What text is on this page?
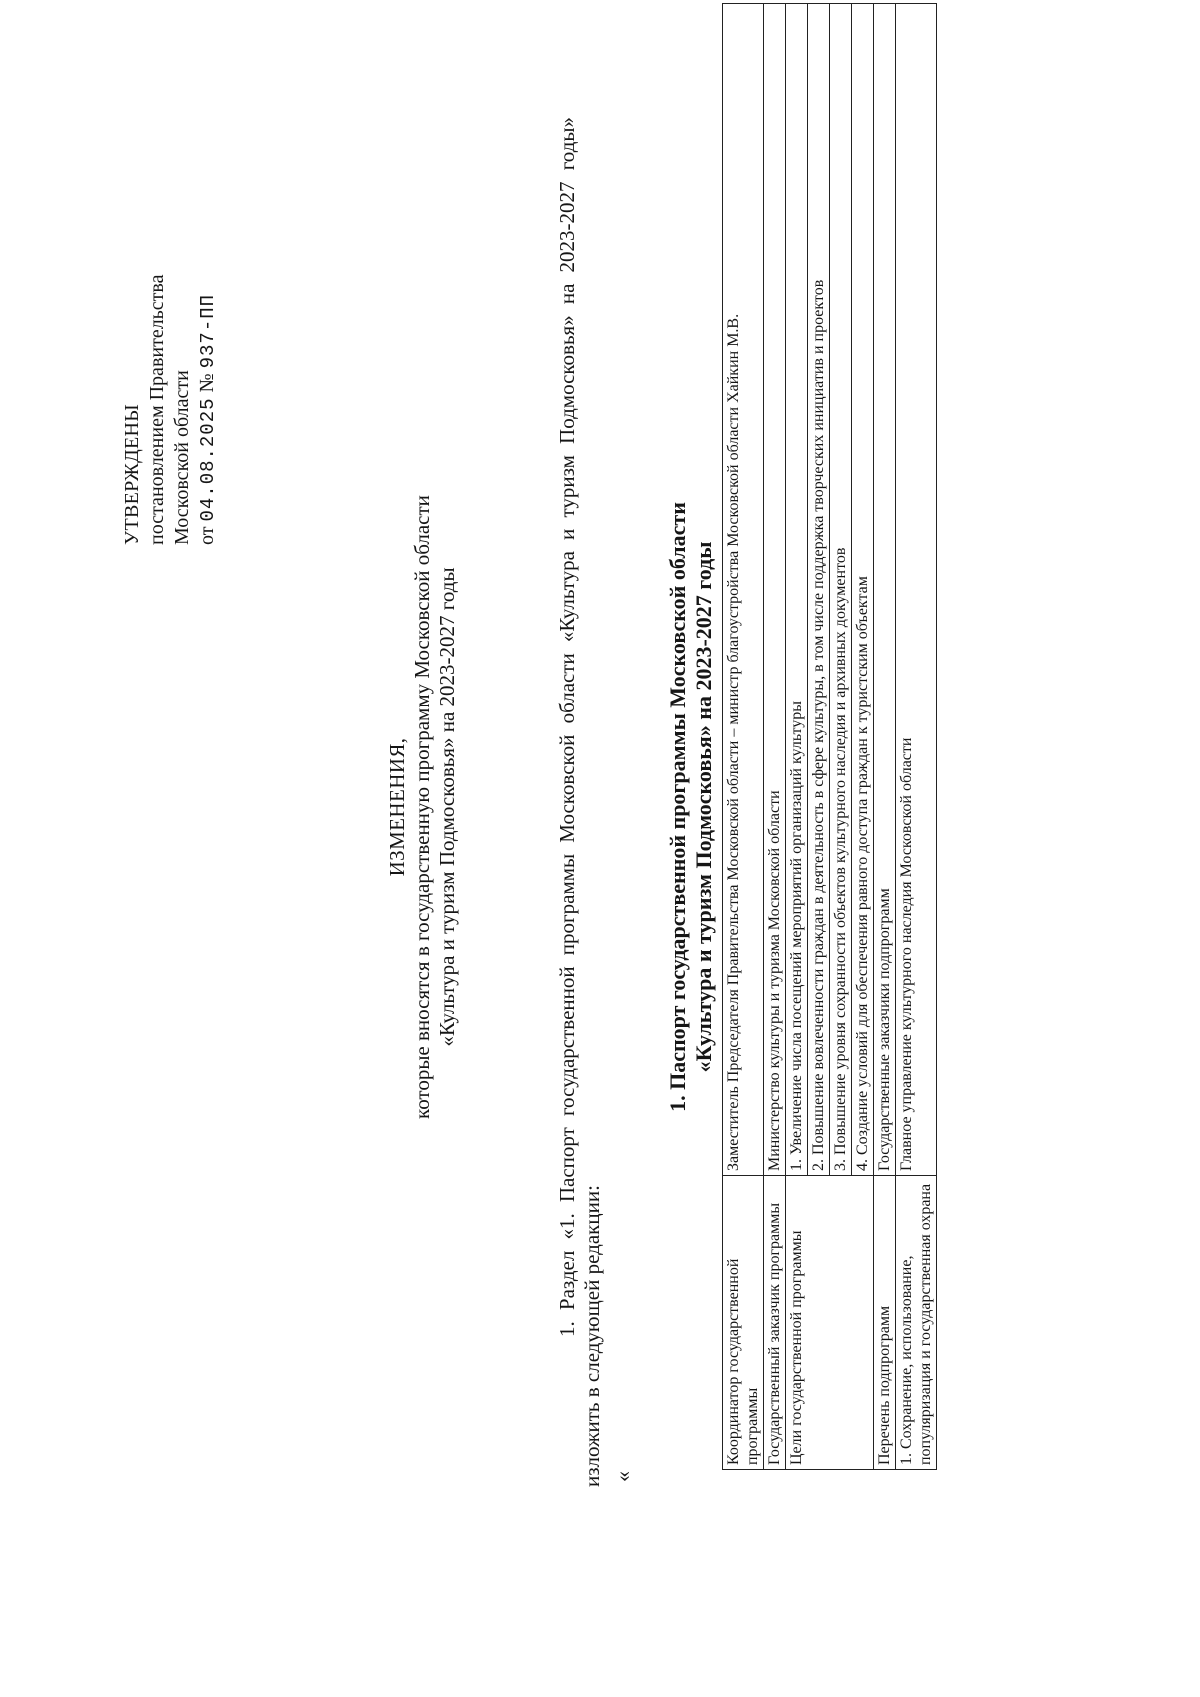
УТВЕРЖДЕНЫ постановлением Правительства Московской области от 04.08.2025 № 937-ПП
ИЗМЕНЕНИЯ, которые вносятся в государственную программу Московской области «Культура и туризм Подмосковья» на 2023-2027 годы	1. Раздел «1. Паспорт государственной программы Московской области «Культура и туризм Подмосковья» на 2023-2027 годы» изложить в следующей редакции: «
1. Паспорт государственной программы Московской области «Культура и туризм Подмосковья» на 2023-2027 годы
Координатор государственной программы	Заместитель Председателя Правительства Московской области – министр благоустройства Московской области Хайкин М.В.
Государственный заказчик программы	Министерство культуры и туризма Московской области
Цели государственной программы	1. Увеличение числа посещений мероприятий организаций культуры
	2. Повышение вовлеченности граждан в деятельность в сфере культуры, в том числе поддержка творческих инициатив и проектов
	3. Повышение уровня сохранности объектов культурного наследия и архивных документов
	4. Создание условий для обеспечения равного доступа граждан к туристским объектам
Перечень подпрограмм	Государственные заказчики подпрограмм
1. Сохранение, использование, популяризация и государственная охрана	Главное управление культурного наследия Московской области
